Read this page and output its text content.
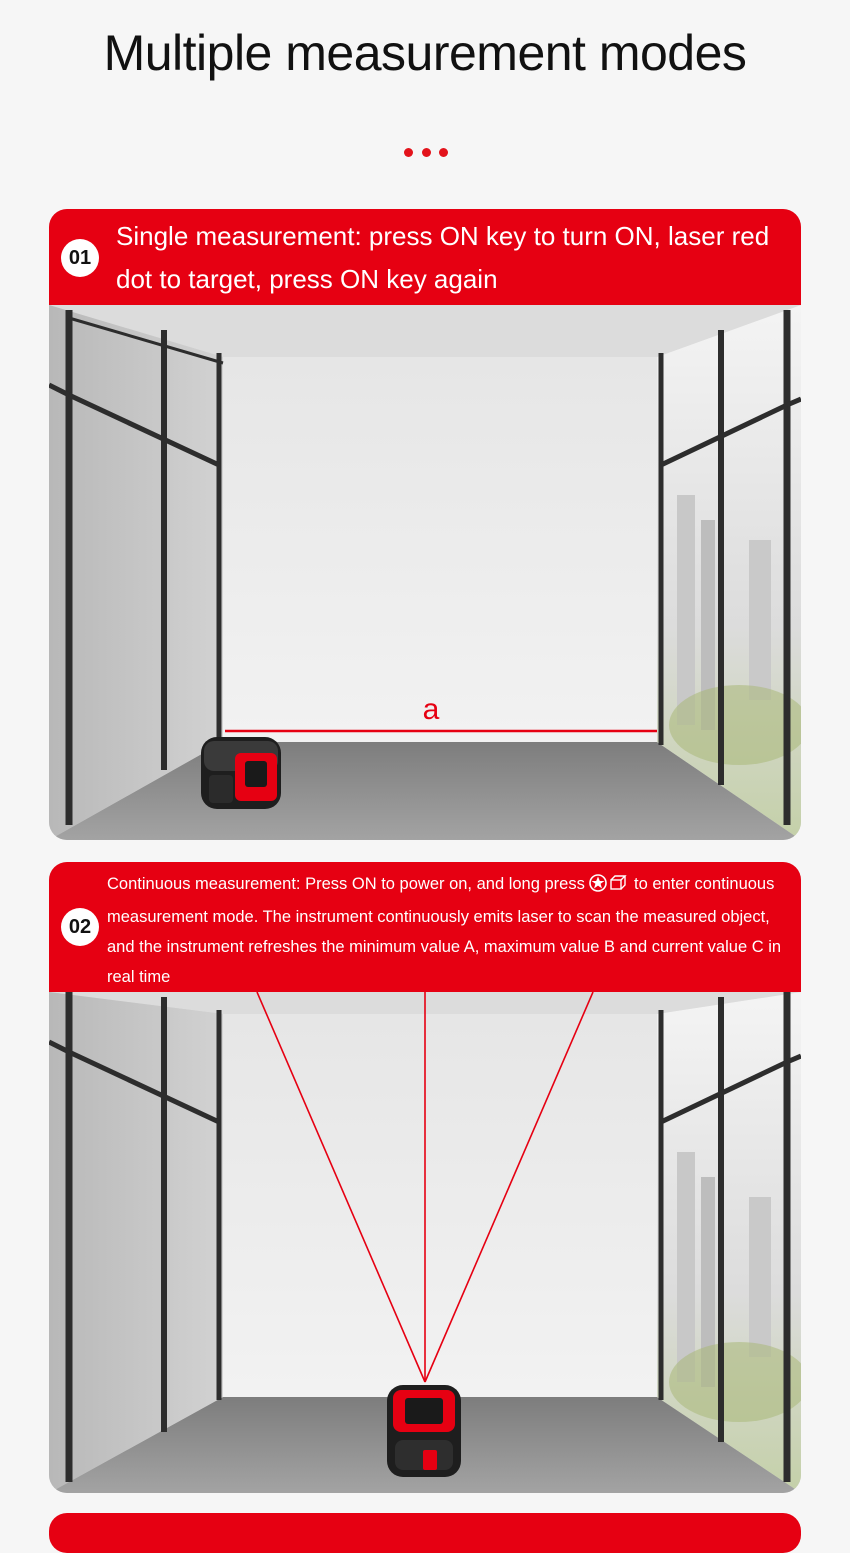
Multiple measurement modes
01
Single measurement: press ON key to turn ON, laser red dot to target, press ON key again
a
02
Continuous measurement: Press ON to power on, and long press  to enter continuous measurement mode. The instrument continuously emits laser to scan the measured object, and the instrument refreshes the minimum value A, maximum value B and current value C in real time
